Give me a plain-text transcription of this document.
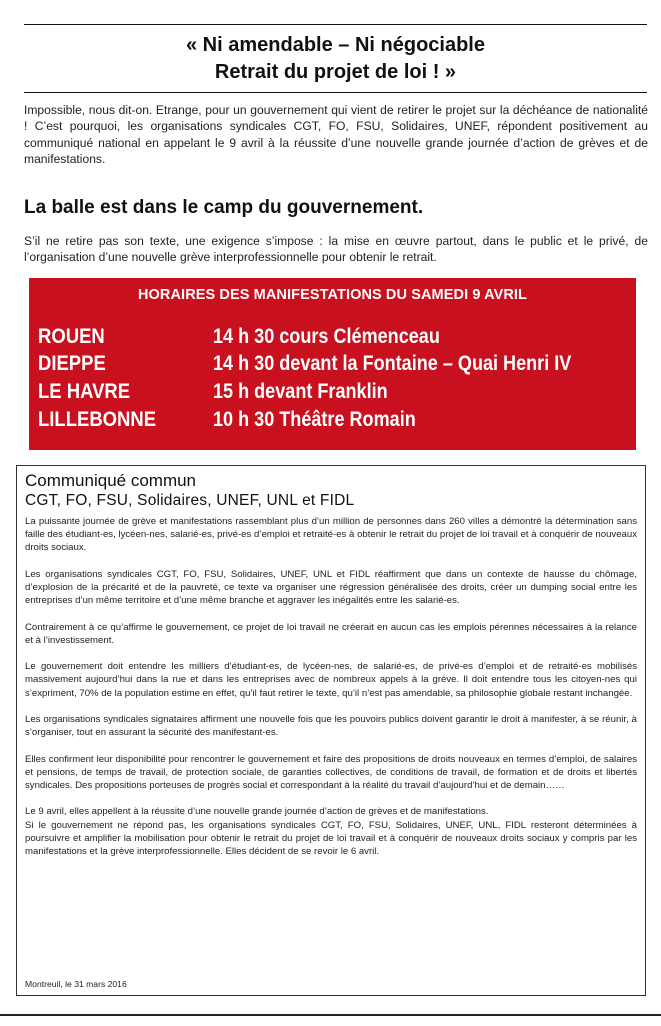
« Ni amendable – Ni négociable
Retrait du projet de loi ! »
Impossible, nous dit-on. Etrange, pour un gouvernement qui vient de retirer le projet sur la déchéance de nationalité ! C’est pourquoi, les organisations syndicales CGT, FO, FSU, Solidaires, UNEF, répondent positivement au communiqué national en appelant le 9 avril à la réussite d’une nouvelle grande journée d’action de grèves et de manifestations.
La balle est dans le camp du gouvernement.
S’il ne retire pas son texte, une exigence s’impose : la mise en œuvre partout, dans le public et le privé, de l’organisation d’une nouvelle grève interprofessionnelle pour obtenir le retrait.
HORAIRES DES MANIFESTATIONS DU SAMEDI 9 AVRIL
ROUEN	14 h 30 cours Clémenceau
DIEPPE	14 h 30 devant la Fontaine – Quai Henri IV
LE HAVRE	15 h devant Franklin
LILLEBONNE	10 h 30 Théâtre Romain
Communiqué commun
CGT, FO, FSU, Solidaires, UNEF, UNL et FIDL

La puissante journée de grève et manifestations rassemblant plus d’un million de personnes dans 260 villes a démontré la détermination sans faille des étudiant-es, lycéen-nes, salarié-es, privé-es d’emploi et retraité-es à obtenir le retrait du projet de loi travail et à conquérir de nouveaux droits sociaux.

Les organisations syndicales CGT, FO, FSU, Solidaires, UNEF, UNL et FIDL réaffirment que dans un contexte de hausse du chômage, d’explosion de la précarité et de la pauvreté, ce texte va organiser une régression généralisée des droits, créer un dumping social entre les entreprises d’un même territoire et d’une même branche et aggraver les inégalités entre les salarié-es.

Contrairement à ce qu’affirme le gouvernement, ce projet de loi travail ne créerait en aucun cas les emplois pérennes nécessaires à la relance et à l’investissement.

Le gouvernement doit entendre les milliers d’étudiant-es, de lycéen-nes, de salarié-es, de privé-es d’emploi et de retraité-es mobilisés massivement aujourd’hui dans la rue et dans les entreprises avec de nombreux appels à la grève. Il doit entendre tous les citoyen-nes qui s’expriment, 70% de la population estime en effet, qu’il faut retirer le texte, qu’il n’est pas amendable, sa philosophie globale restant inchangée.

Les organisations syndicales signataires affirment une nouvelle fois que les pouvoirs publics doivent garantir le droit à manifester, à se réunir, à s’organiser, tout en assurant la sécurité des manifestant-es.

Elles confirment leur disponibilité pour rencontrer le gouvernement et faire des propositions de droits nouveaux en termes d’emploi, de salaires et pensions, de temps de travail, de protection sociale, de garanties collectives, de conditions de travail, de formation et de droits et libertés syndicales. Des propositions porteuses de progrès social et correspondant à la réalité du travail d’aujourd’hui et de demain……

Le 9 avril, elles appellent à la réussite d’une nouvelle grande journée d’action de grèves et de manifestations.

Si le gouvernement ne répond pas, les organisations syndicales CGT, FO, FSU, Solidaires, UNEF, UNL, FIDL resteront déterminées à poursuivre et amplifier la mobilisation pour obtenir le retrait du projet de loi travail et à conquérir de nouveaux droits sociaux y compris par les manifestations et la grève interprofessionnelle. Elles décident de se revoir le 6 avril.

Montreuil, le 31 mars 2016
